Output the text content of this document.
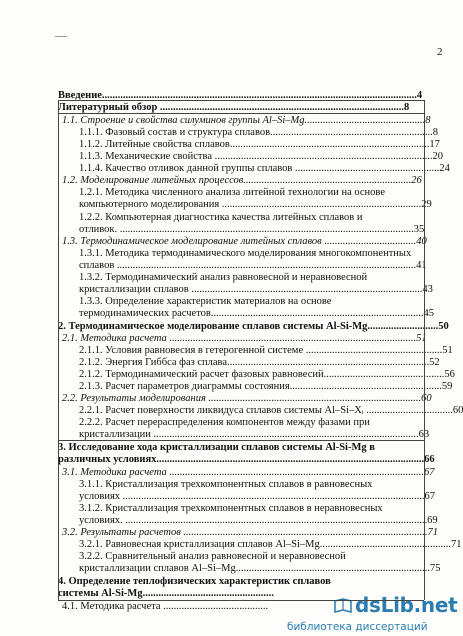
2
Введение........................................................................................................................4
Литературный обзор .............................................................................................8
1.1. Строение и свойства силуминов группы Al–Si–Mg..............................................8
1.1.1. Фазовый состав и структура сплавов..............................................................8
1.1.2. Литейные свойства сплавов............................................................................17
1.1.3. Механические свойства ...................................................................................20
1.1.4. Качество отливок данной группы сплавов .......................................................24
1.2. Моделирование литейных процессов................................................................26
1.2.1. Методика численного анализа литейной технологии на основе
компьютерного моделирования ............................................................................29
1.2.2. Компьютерная диагностика качества литейных сплавов и
отливок. ................................................................................................................35
1.3. Термодинамическое моделирование литейных сплавов ...................................40
1.3.1. Методика термодинамического моделирования многокомпонентных
сплавов ..................................................................................................................41
1.3.2. Термодинамический анализ равновесной и неравновесной
кристаллизации сплавов ........................................................................................43
1.3.3. Определение характеристик материалов на основе
термодинамических расчетов.................................................................................45
2. Термодинамическое моделирование сплавов системы Al-Si-Mg...........................50
2.1. Методика расчета ..............................................................................................51
2.1.1. Условия равновесия в гетерогенной системе ....................................................51
2.1.2. Энергия Гиббса фаз сплава.............................................................................52
2.1.2. Термодинамический расчет фазовых равновесий..............................................56
2.1.3. Расчет параметров диаграммы состояния..........................................................59
2.2. Результаты моделирования .................................................................................60
2.2.1. Расчет поверхности ликвидуса сплавов системы Al–Si–Xᵢ .................................60
2.2.2. Расчет перераспределения компонентов между фазами при
кристаллизации .....................................................................................................63
3. Исследование хода кристаллизации сплавов системы Al-Si-Mg в
различных условиях......................................................................................................66
3.1. Методика расчета .................................................................................................67
3.1.1. Кристаллизация трехкомпонентных сплавов в равновесных
условиях ...................................................................................................................67
3.1.2. Кристаллизация трехкомпонентных сплавов в неравновесных
условиях. ...................................................................................................................69
3.2. Результаты расчетов .............................................................................................71
3.2.1. Равновесная кристаллизация сплавов Al–Si–Mg..................................................71
3.2.2. Сравнительный анализ равновесной и неравновесной
кристаллизации сплавов Al–Si–Mg..........................................................................75
4. Определение теплофизических характеристик сплавов
системы Al-Si-Mg..................................................
4.1. Методика расчета ........................................	dsLib.net
библиотека диссертаций
